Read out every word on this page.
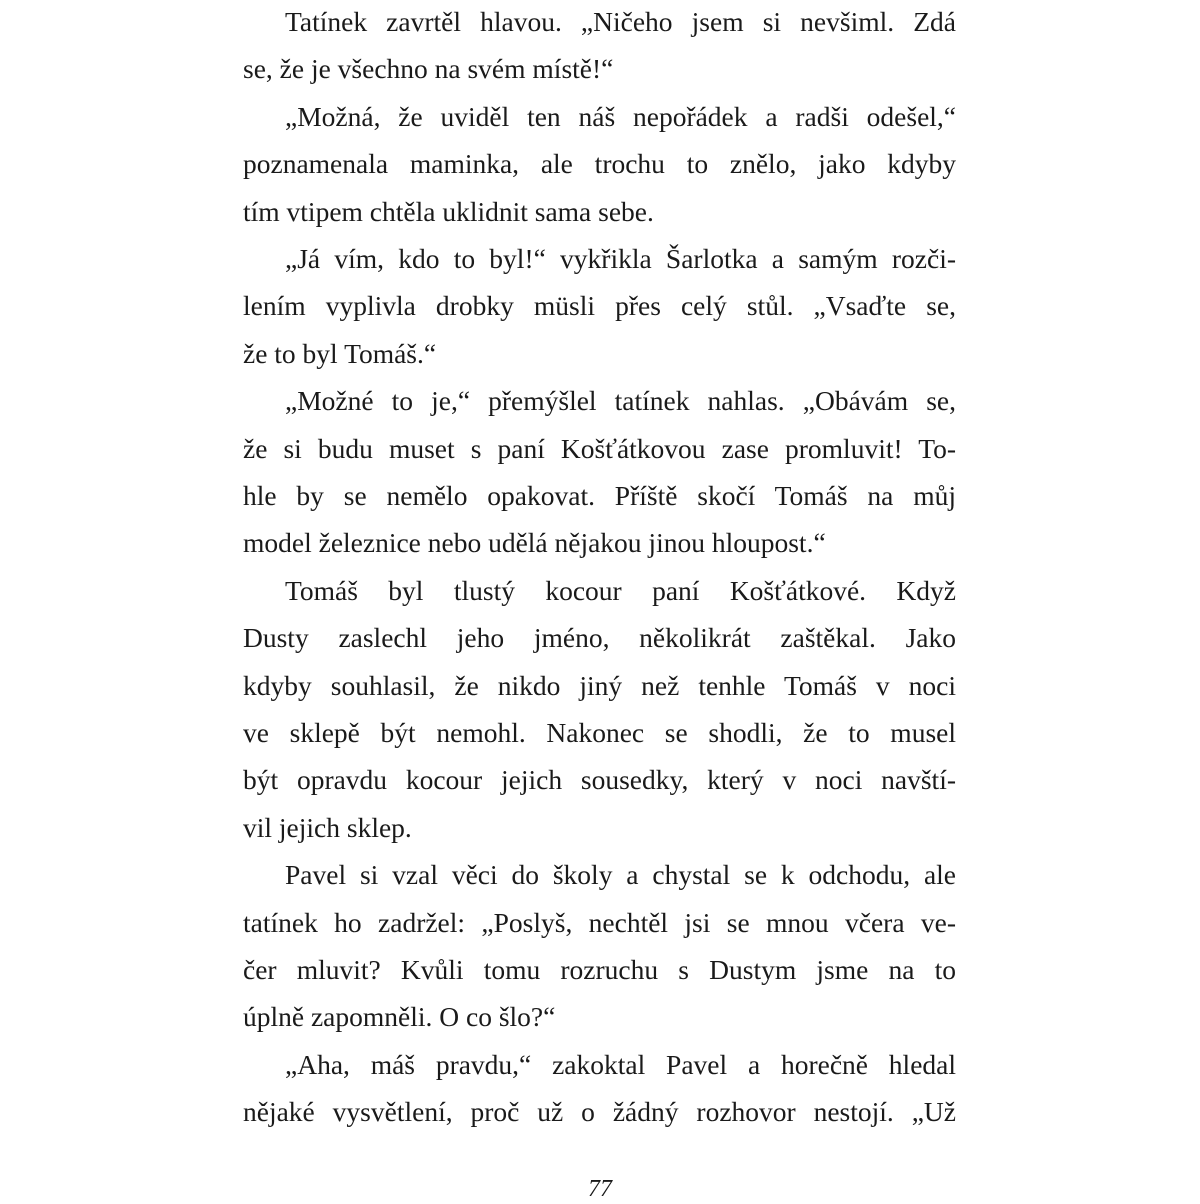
Tatínek zavrtěl hlavou. „Ničeho jsem si nevšiml. Zdá
se, že je všechno na svém místě!“
„Možná, že uviděl ten náš nepořádek a radši odešel,“
poznamenala maminka, ale trochu to znělo, jako kdyby
tím vtipem chtěla uklidnit sama sebe.
„Já vím, kdo to byl!“ vykřikla Šarlotka a samým rozči-
lením vyplivla drobky müsli přes celý stůl. „Vsaďte se,
že to byl Tomáš.“
„Možné to je,“ přemýšlel tatínek nahlas. „Obávám se,
že si budu muset s paní Košťátkovou zase promluvit! To-
hle by se nemělo opakovat. Příště skočí Tomáš na můj
model železnice nebo udělá nějakou jinou hloupost.“
Tomáš byl tlustý kocour paní Košťátkové. Když
Dusty zaslechl jeho jméno, několikrát zaštěkal. Jako
kdyby souhlasil, že nikdo jiný než tenhle Tomáš v noci
ve sklepě být nemohl. Nakonec se shodli, že to musel
být opravdu kocour jejich sousedky, který v noci navští-
vil jejich sklep.
Pavel si vzal věci do školy a chystal se k odchodu, ale
tatínek ho zadržel: „Poslyš, nechtěl jsi se mnou včera ve-
čer mluvit? Kvůli tomu rozruchu s Dustym jsme na to
úplně zapomněli. O co šlo?“
„Aha, máš pravdu,“ zakoktal Pavel a horečně hledal
nějaké vysvětlení, proč už o žádný rozhovor nestojí. „Už
77
